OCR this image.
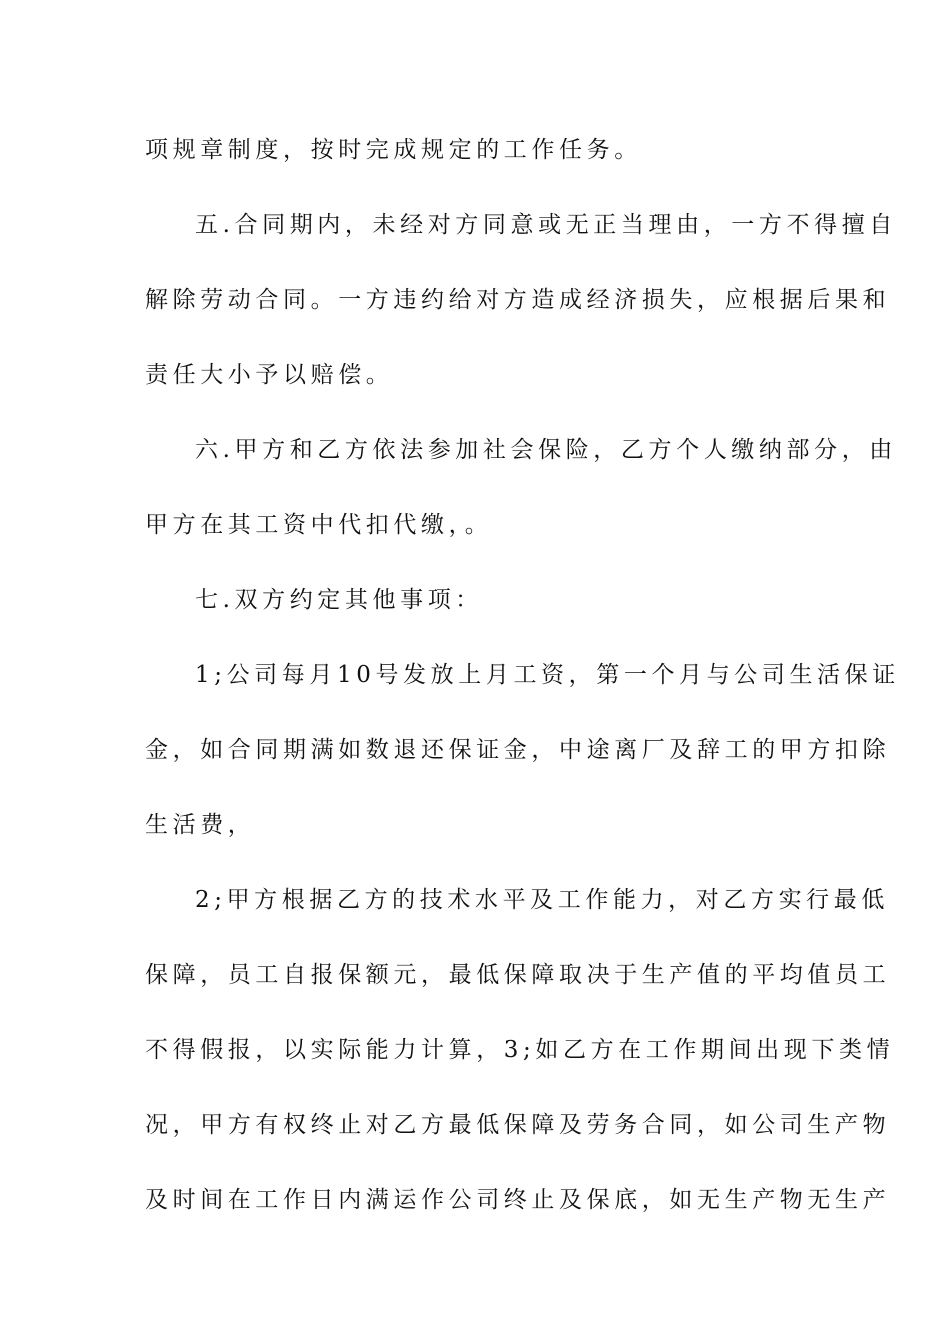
项规章制度，按时完成规定的工作任务。
五.合同期内，未经对方同意或无正当理由，一方不得擅自
解除劳动合同。一方违约给对方造成经济损失，应根据后果和
责任大小予以赔偿。
六.甲方和乙方依法参加社会保险，乙方个人缴纳部分，由
甲方在其工资中代扣代缴，。
七.双方约定其他事项：
1;公司每月10号发放上月工资，第一个月与公司生活保证
金，如合同期满如数退还保证金，中途离厂及辞工的甲方扣除
生活费，
2;甲方根据乙方的技术水平及工作能力，对乙方实行最低
保障，员工自报保额元，最低保障取决于生产值的平均值员工
不得假报，以实际能力计算，3;如乙方在工作期间出现下类情
况，甲方有权终止对乙方最低保障及劳务合同，如公司生产物
及时间在工作日内满运作公司终止及保底，如无生产物无生产
